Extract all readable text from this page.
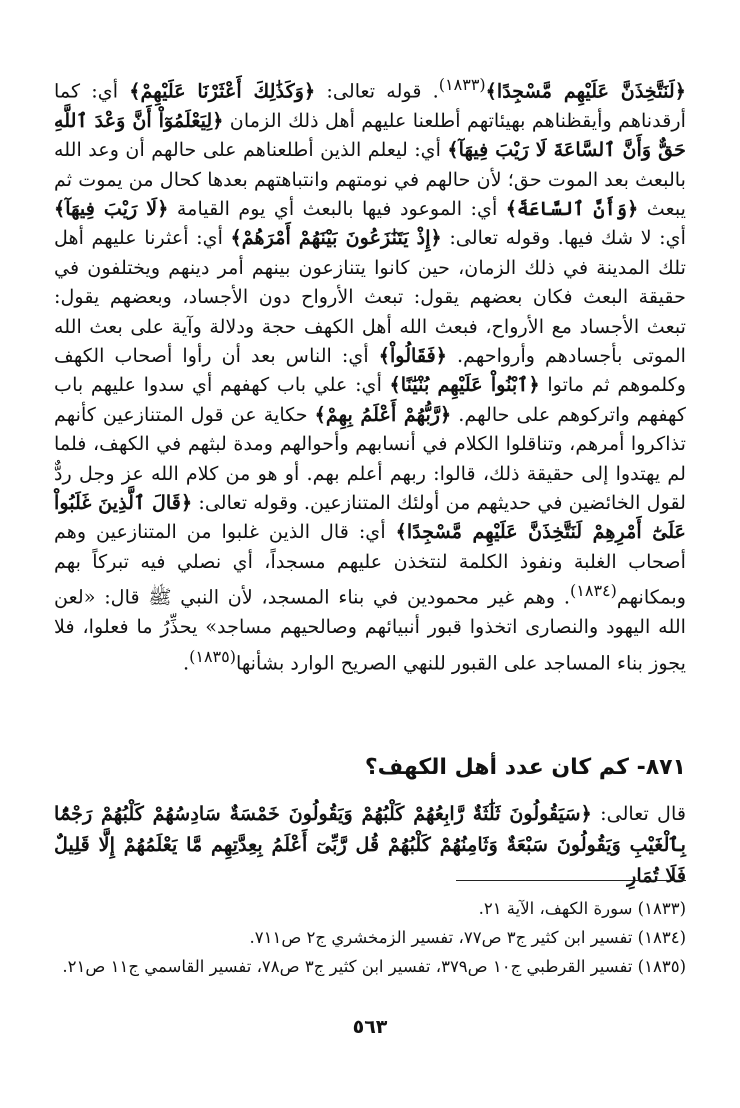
﴿لَنَتَّخِذَنَّ عَلَيْهِم مَّسْجِدًا﴾$^{(١٨٣٣)}$. قوله تعالى: ﴿وَكَذَٰلِكَ أَعْثَرْنَا عَلَيْهِمْ﴾ أي: كما أرقدناهم وأيقظناهم بهيئاتهم أطلعنا عليهم أهل ذلك الزمان ﴿لِيَعْلَمُوٓاْ أَنَّ وَعْدَ ٱللَّهِ حَقٌّ وَأَنَّ ٱلسَّاعَةَ لَا رَيْبَ فِيهَآ﴾ أي: ليعلم الذين أطلعناهم على حالهم أن وعد الله بالبعث بعد الموت حق؛ لأن حالهم في نومتهم وانتباهتهم بعدها كحال من يموت ثم يبعث ﴿وَأَنَّ ٱلسَّاعَةَ﴾ أي: الموعود فيها بالبعث أي يوم القيامة ﴿لَا رَيْبَ فِيهَآ﴾ أي: لا شك فيها. وقوله تعالى: ﴿إِذْ يَتَنَٰزَعُونَ بَيْنَهُمْ أَمْرَهُمْ﴾ أي: أعثرنا عليهم أهل تلك المدينة في ذلك الزمان، حين كانوا يتنازعون بينهم أمر دينهم ويختلفون في حقيقة البعث فكان بعضهم يقول: تبعث الأرواح دون الأجساد، وبعضهم يقول: تبعث الأجساد مع الأرواح، فبعث الله أهل الكهف حجة ودلالة وآية على بعث الله الموتى بأجسادهم وأرواحهم. ﴿فَقَالُواْ﴾ أي: الناس بعد أن رأوا أصحاب الكهف وكلموهم ثم ماتوا ﴿ٱبْنُواْ عَلَيْهِم بُنْيَٰنًا﴾ أي: علي باب كهفهم أي سدوا عليهم باب كهفهم واتركوهم على حالهم. ﴿رَّبُّهُمْ أَعْلَمُ بِهِمْ﴾ حكاية عن قول المتنازعين كأنهم تذاكروا أمرهم، وتناقلوا الكلام في أنسابهم وأحوالهم ومدة لبثهم في الكهف، فلما لم يهتدوا إلى حقيقة ذلك، قالوا: ربهم أعلم بهم. أو هو من كلام الله عز وجل ردٌّ لقول الخائضين في حديثهم من أولئك المتنازعين. وقوله تعالى: ﴿قَالَ ٱلَّذِينَ غَلَبُواْ عَلَىٰٓ أَمْرِهِمْ لَنَتَّخِذَنَّ عَلَيْهِم مَّسْجِدًا﴾ أي: قال الذين غلبوا من المتنازعين وهم أصحاب الغلبة ونفوذ الكلمة لنتخذن عليهم مسجداً، أي نصلي فيه تبركاً بهم وبمكانهم$^{(١٨٣٤)}$. وهم غير محمودين في بناء المسجد، لأن النبي ﷺ قال: «لعن الله اليهود والنصارى اتخذوا قبور أنبيائهم وصالحيهم مساجد» يحذِّرُ ما فعلوا، فلا يجوز بناء المساجد على القبور للنهي الصريح الوارد بشأنها$^{(١٨٣٥)}$.

٨٧١- كم كان عدد أهل الكهف؟

قال تعالى: ﴿سَيَقُولُونَ ثَلَٰثَةٌ رَّابِعُهُمْ كَلْبُهُمْ وَيَقُولُونَ خَمْسَةٌ سَادِسُهُمْ كَلْبُهُمْ رَجْمًۢا بِٱلْغَيْبِ وَيَقُولُونَ سَبْعَةٌ وَثَامِنُهُمْ كَلْبُهُمْ قُل رَّبِّىٓ أَعْلَمُ بِعِدَّتِهِم مَّا يَعْلَمُهُمْ إِلَّا قَلِيلٌ فَلَا تُمَارِ

(١٨٣٣) سورة الكهف، الآية ٢١.

(١٨٣٤) تفسير ابن كثير ج٣ ص٧٧، تفسير الزمخشري ج٢ ص٧١١.

(١٨٣٥) تفسير القرطبي ج١٠ ص٣٧٩، تفسير ابن كثير ج٣ ص٧٨، تفسير القاسمي ج١١ ص٢١.

٥٦٣
